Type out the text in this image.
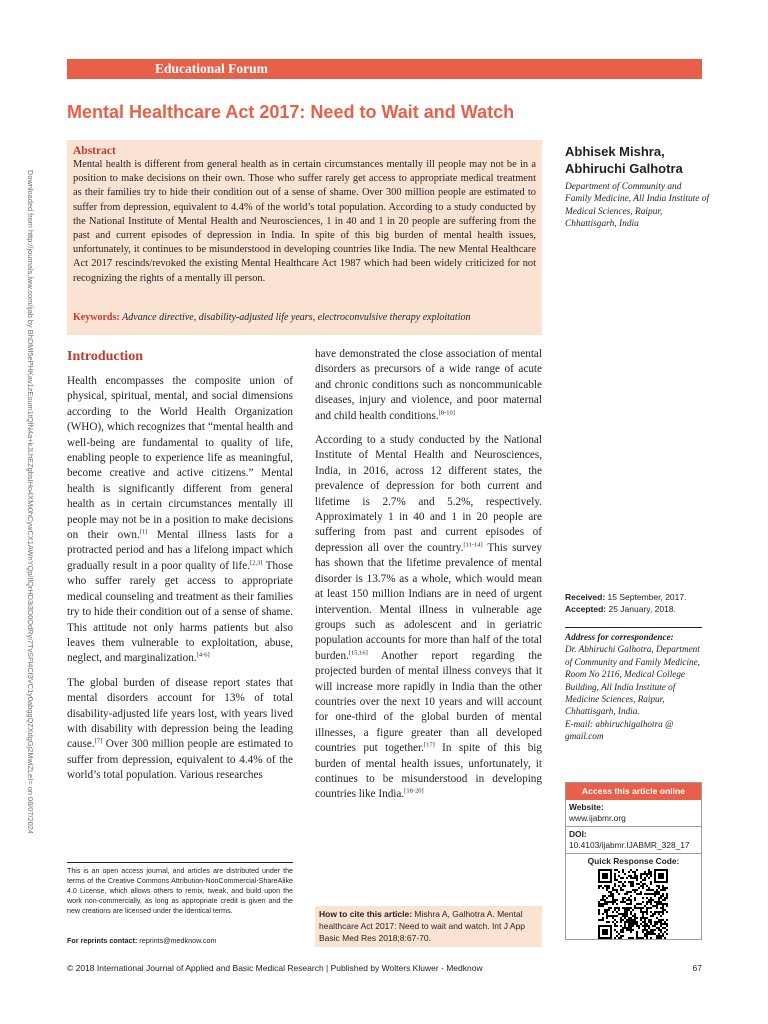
Downloaded from http://journals.lww.com/ijab by BhDMf5ePHKav1zEoum1tQfN4a+kJLhEZgbsIHo4XMi0hCywCX1AWnYQp/IlQrHD3i3D0OdRyi7TvSFl4Cf3VC1y0abggQZXdgGj2MwlZLeI= on 08/07/2024
Educational Forum
Mental Healthcare Act 2017: Need to Wait and Watch
Abstract
Mental health is different from general health as in certain circumstances mentally ill people may not be in a position to make decisions on their own. Those who suffer rarely get access to appropriate medical treatment as their families try to hide their condition out of a sense of shame. Over 300 million people are estimated to suffer from depression, equivalent to 4.4% of the world’s total population. According to a study conducted by the National Institute of Mental Health and Neurosciences, 1 in 40 and 1 in 20 people are suffering from the past and current episodes of depression in India. In spite of this big burden of mental health issues, unfortunately, it continues to be misunderstood in developing countries like India. The new Mental Healthcare Act 2017 rescinds/revoked the existing Mental Healthcare Act 1987 which had been widely criticized for not recognizing the rights of a mentally ill person.
Keywords: Advance directive, disability-adjusted life years, electroconvulsive therapy exploitation
Abhisek Mishra,
Abhiruchi Galhotra
Department of Community and Family Medicine, All India Institute of Medical Sciences, Raipur, Chhattisgarh, India
Introduction

Health encompasses the composite union of physical, spiritual, mental, and social dimensions according to the World Health Organization (WHO), which recognizes that “mental health and well-being are fundamental to quality of life, enabling people to experience life as meaningful, become creative and active citizens.” Mental health is significantly different from general health as in certain circumstances mentally ill people may not be in a position to make decisions on their own.[1] Mental illness lasts for a protracted period and has a lifelong impact which gradually result in a poor quality of life.[2,3] Those who suffer rarely get access to appropriate medical counseling and treatment as their families try to hide their condition out of a sense of shame. This attitude not only harms patients but also leaves them vulnerable to exploitation, abuse, neglect, and marginalization.[4-6]

The global burden of disease report states that mental disorders account for 13% of total disability-adjusted life years lost, with years lived with disability with depression being the leading cause.[7] Over 300 million people are estimated to suffer from depression, equivalent to 4.4% of the world’s total population. Various researches

have demonstrated the close association of mental disorders as precursors of a wide range of acute and chronic conditions such as noncommunicable diseases, injury and violence, and poor maternal and child health conditions.[8-10]

According to a study conducted by the National Institute of Mental Health and Neurosciences, India, in 2016, across 12 different states, the prevalence of depression for both current and lifetime is 2.7% and 5.2%, respectively. Approximately 1 in 40 and 1 in 20 people are suffering from past and current episodes of depression all over the country.[11-14] This survey has shown that the lifetime prevalence of mental disorder is 13.7% as a whole, which would mean at least 150 million Indians are in need of urgent intervention. Mental illness in vulnerable age groups such as adolescent and in geriatric population accounts for more than half of the total burden.[15,16] Another report regarding the projected burden of mental illness conveys that it will increase more rapidly in India than the other countries over the next 10 years and will account for one-third of the global burden of mental illnesses, a figure greater than all developed countries put together.[17] In spite of this big burden of mental health issues, unfortunately, it continues to be misunderstood in developing countries like India.[18-20]

This is an open access journal, and articles are distributed under the terms of the Creative Commons Attribution-NonCommercial-ShareAlike 4.0 License, which allows others to remix, tweak, and build upon the work non-commercially, as long as appropriate credit is given and the new creations are licensed under the identical terms.
For reprints contact: reprints@medknow.com
How to cite this article: Mishra A, Galhotra A. Mental healthcare Act 2017: Need to wait and watch. Int J App Basic Med Res 2018;8:67-70.
Received: 15 September, 2017.
Accepted: 25 January, 2018.
Address for correspondence:
Dr. Abhiruchi Galhotra, Department of Community and Family Medicine, Room No 2116, Medical College Building, All India Institute of Medicine Sciences, Raipur, Chhattisgarh, India.
E-mail: abhiruchigalhotra @ gmail.com
Access this article online
Website:
www.ijabmr.org
DOI:
10.4103/ijabmr.IJABMR_328_17
Quick Response Code:
© 2018 International Journal of Applied and Basic Medical Research | Published by Wolters Kluwer - Medknow	67
